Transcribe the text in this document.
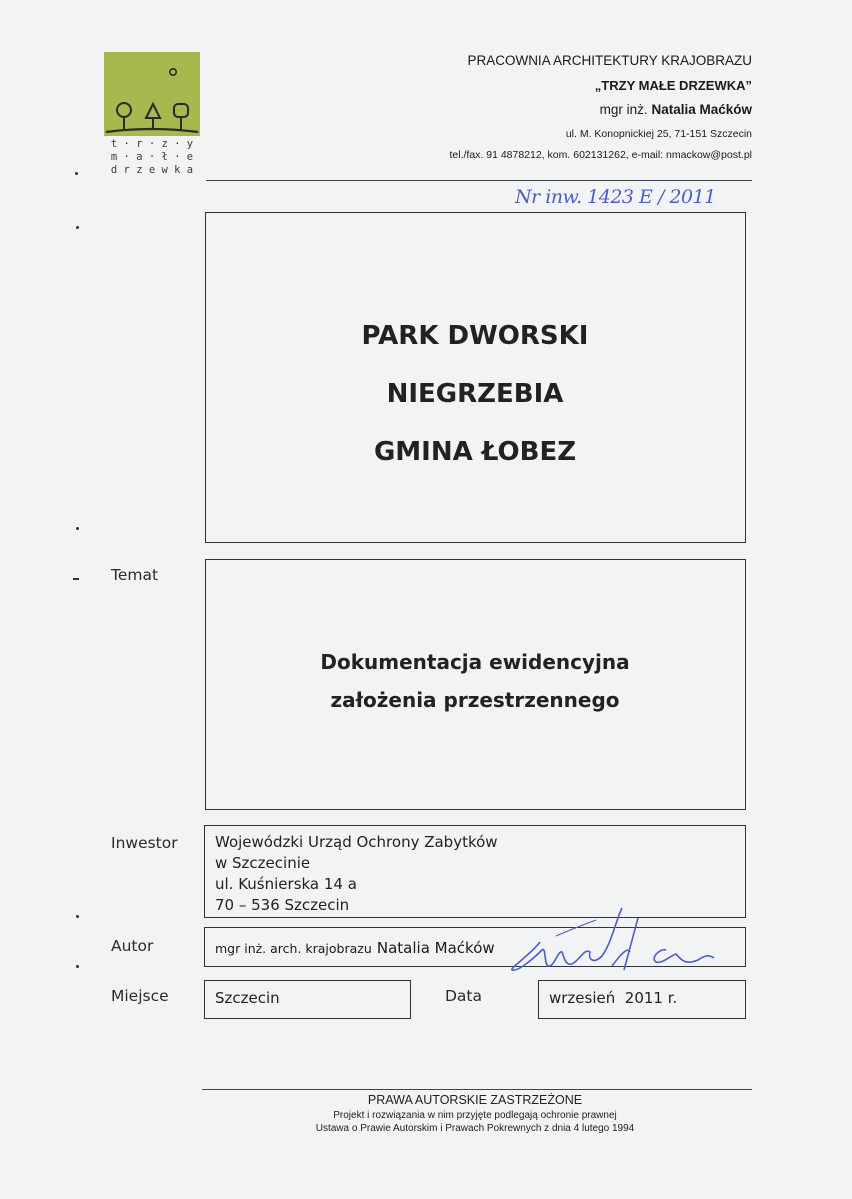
t · r · z · y
m · a · ł · e
d r z e w k a
PRACOWNIA ARCHITEKTURY KRAJOBRAZU
„TRZY MAŁE DRZEWKA”
mgr inż. Natalia Maćków
ul. M. Konopnickiej 25, 71-151 Szczecin
tel./fax. 91 4878212, kom. 602131262, e-mail: nmackow@post.pl
Nr inw. 1423 E / 2011
PARK DWORSKI
NIEGRZEBIA
GMINA ŁOBEZ
Temat
Dokumentacja ewidencyjna
założenia przestrzennego
Inwestor Wojewódzki Urząd Ochrony Zabytków
w Szczecinie
ul. Kuśnierska 14 a
70 – 536 Szczecin
Autor	mgr inż. arch. krajobrazu Natalia Maćków
Miejsce	Szczecin	Data	wrzesień  2011 r.
PRAWA AUTORSKIE ZASTRZEŻONE
Projekt i rozwiązania w nim przyjęte podlegają ochronie prawnej
Ustawa o Prawie Autorskim i Prawach Pokrewnych z dnia 4 lutego 1994
